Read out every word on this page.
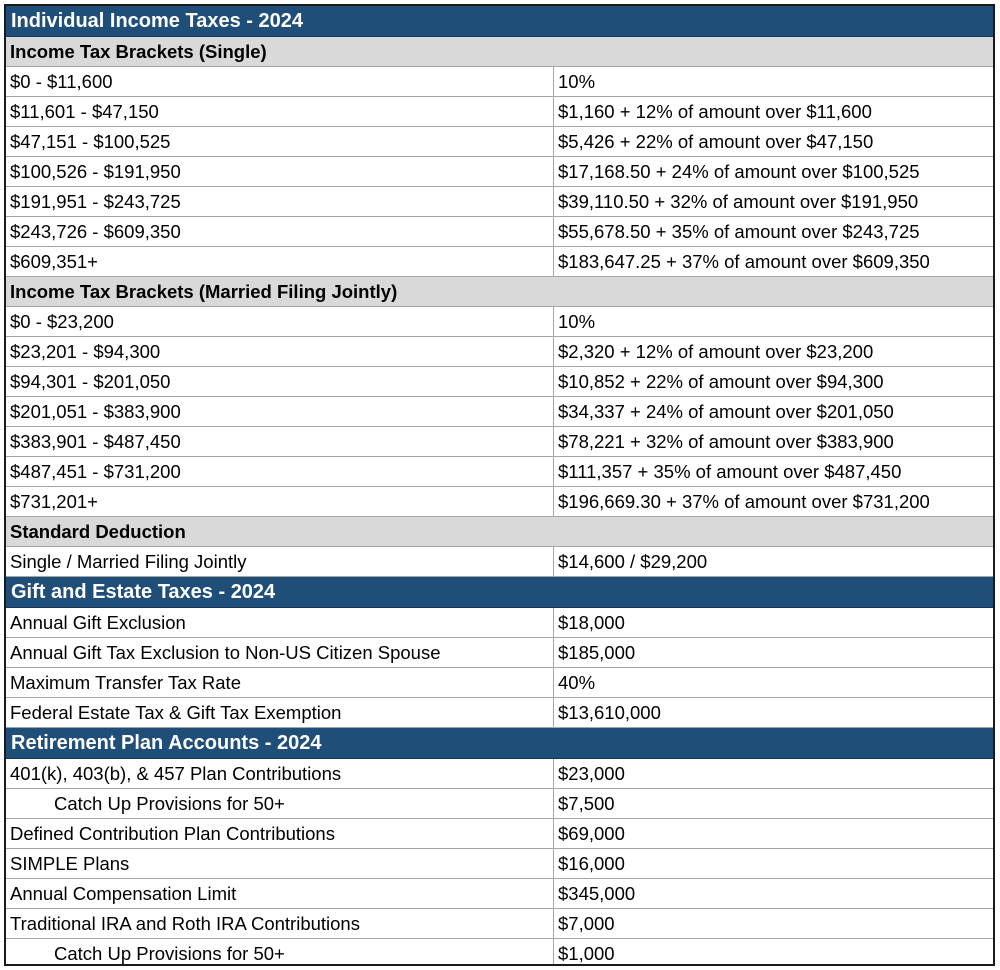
Individual Income Taxes - 2024
Income Tax Brackets (Single)
$0 - $11,600	10%
$11,601 - $47,150	$1,160 + 12% of amount over $11,600
$47,151 - $100,525	$5,426 + 22% of amount over $47,150
$100,526 - $191,950	$17,168.50 + 24% of amount over $100,525
$191,951 - $243,725	$39,110.50 + 32% of amount over $191,950
$243,726 - $609,350	$55,678.50 + 35% of amount over $243,725
$609,351+	$183,647.25 + 37% of amount over $609,350
Income Tax Brackets (Married Filing Jointly)
$0 - $23,200	10%
$23,201 - $94,300	$2,320 + 12% of amount over $23,200
$94,301 - $201,050	$10,852 + 22% of amount over $94,300
$201,051 - $383,900	$34,337 + 24% of amount over $201,050
$383,901 - $487,450	$78,221 + 32% of amount over $383,900
$487,451 - $731,200	$111,357 + 35% of amount over $487,450
$731,201+	$196,669.30 + 37% of amount over $731,200
Standard Deduction
Single / Married Filing Jointly	$14,600 / $29,200
Gift and Estate Taxes - 2024
Annual Gift Exclusion	$18,000
Annual Gift Tax Exclusion to Non-US Citizen Spouse	$185,000
Maximum Transfer Tax Rate	40%
Federal Estate Tax & Gift Tax Exemption	$13,610,000
Retirement Plan Accounts - 2024
401(k), 403(b), & 457 Plan Contributions	$23,000
Catch Up Provisions for 50+	$7,500
Defined Contribution Plan Contributions	$69,000
SIMPLE Plans	$16,000
Annual Compensation Limit	$345,000
Traditional IRA and Roth IRA Contributions	$7,000
Catch Up Provisions for 50+	$1,000
